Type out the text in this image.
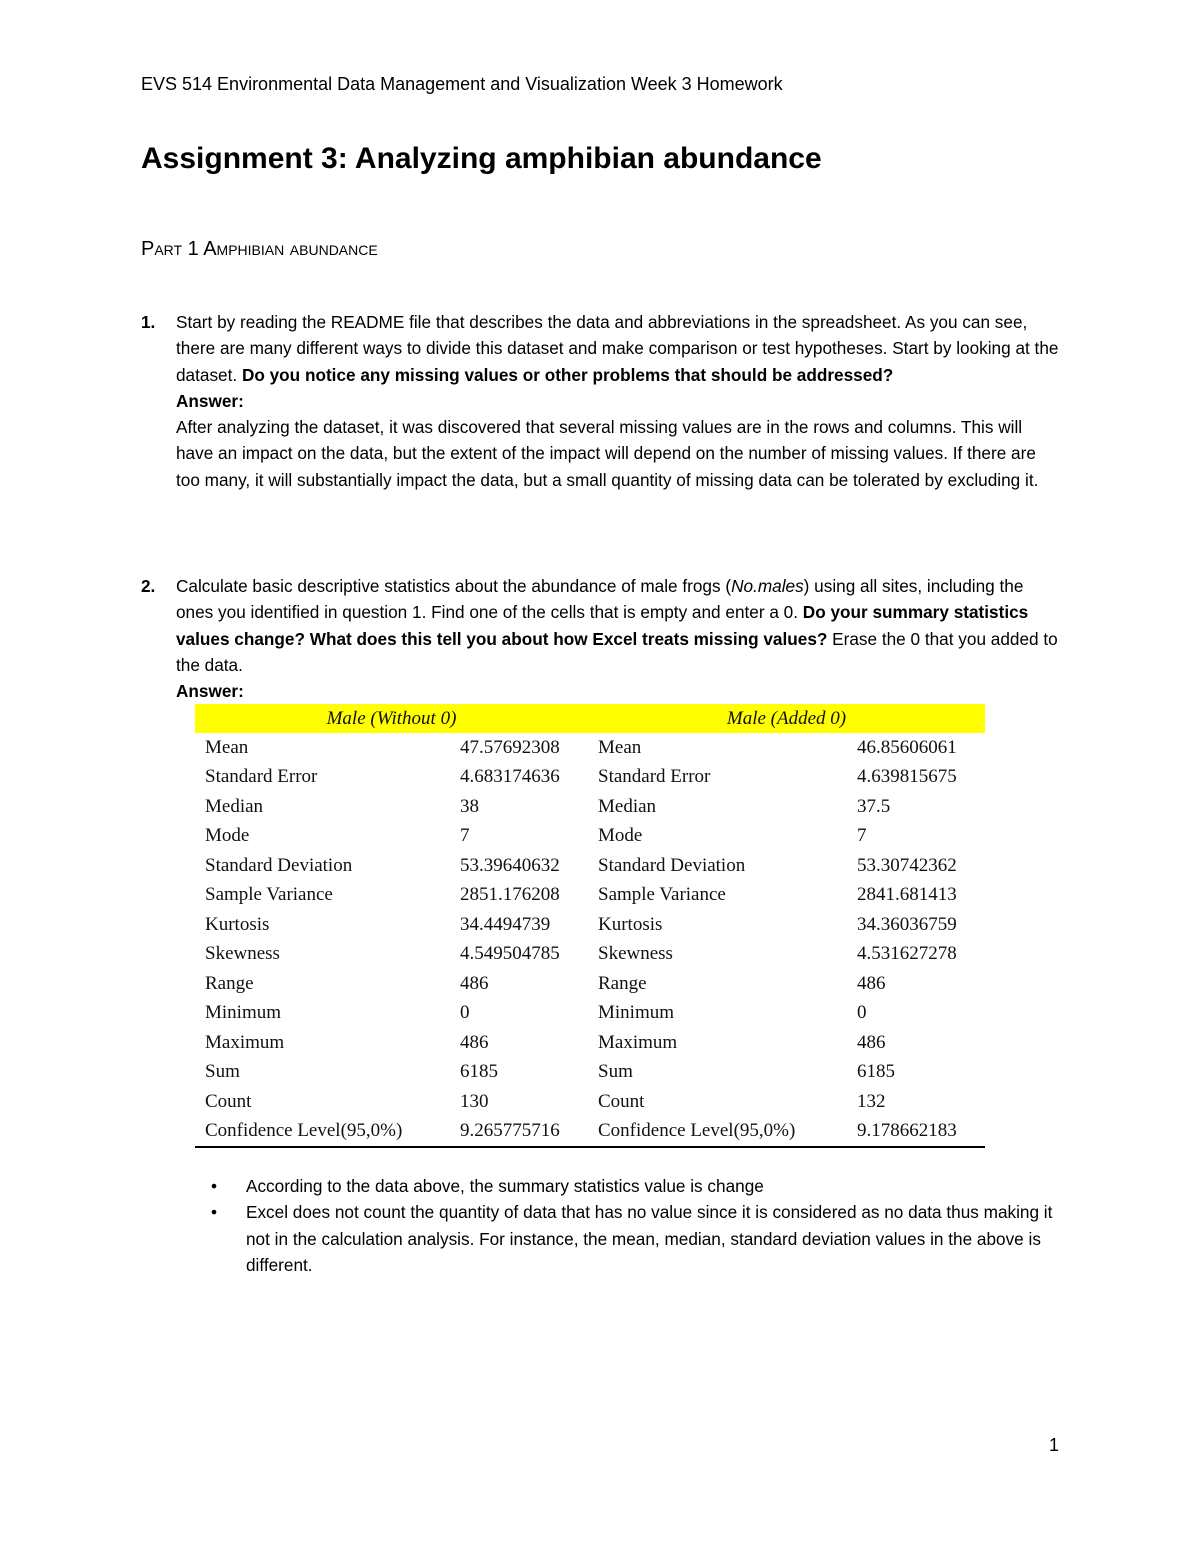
EVS 514 Environmental Data Management and Visualization Week 3 Homework
Assignment 3: Analyzing amphibian abundance
Part 1 Amphibian abundance
1. Start by reading the README file that describes the data and abbreviations in the spreadsheet. As you can see, there are many different ways to divide this dataset and make comparison or test hypotheses. Start by looking at the dataset. Do you notice any missing values or other problems that should be addressed?

Answer:

After analyzing the dataset, it was discovered that several missing values are in the rows and columns. This will have an impact on the data, but the extent of the impact will depend on the number of missing values. If there are too many, it will substantially impact the data, but a small quantity of missing data can be tolerated by excluding it.

2. Calculate basic descriptive statistics about the abundance of male frogs (No.males) using all sites, including the ones you identified in question 1. Find one of the cells that is empty and enter a 0. Do your summary statistics values change? What does this tell you about how Excel treats missing values? Erase the 0 that you added to the data.

Answer:

Male (Without 0)		Male (Added 0)	
Mean	47.57692308	Mean	46.85606061
Standard Error	4.683174636	Standard Error	4.639815675
Median	38	Median	37.5
Mode	7	Mode	7
Standard Deviation	53.39640632	Standard Deviation	53.30742362
Sample Variance	2851.176208	Sample Variance	2841.681413
Kurtosis	34.4494739	Kurtosis	34.36036759
Skewness	4.549504785	Skewness	4.531627278
Range	486	Range	486
Minimum	0	Minimum	0
Maximum	486	Maximum	486
Sum	6185	Sum	6185
Count	130	Count	132
Confidence Level(95,0%)	9.265775716	Confidence Level(95,0%)	9.178662183
• According to the data above, the summary statistics value is change
• Excel does not count the quantity of data that has no value since it is considered as no data thus making it not in the calculation analysis. For instance, the mean, median, standard deviation values in the above is different.
1
